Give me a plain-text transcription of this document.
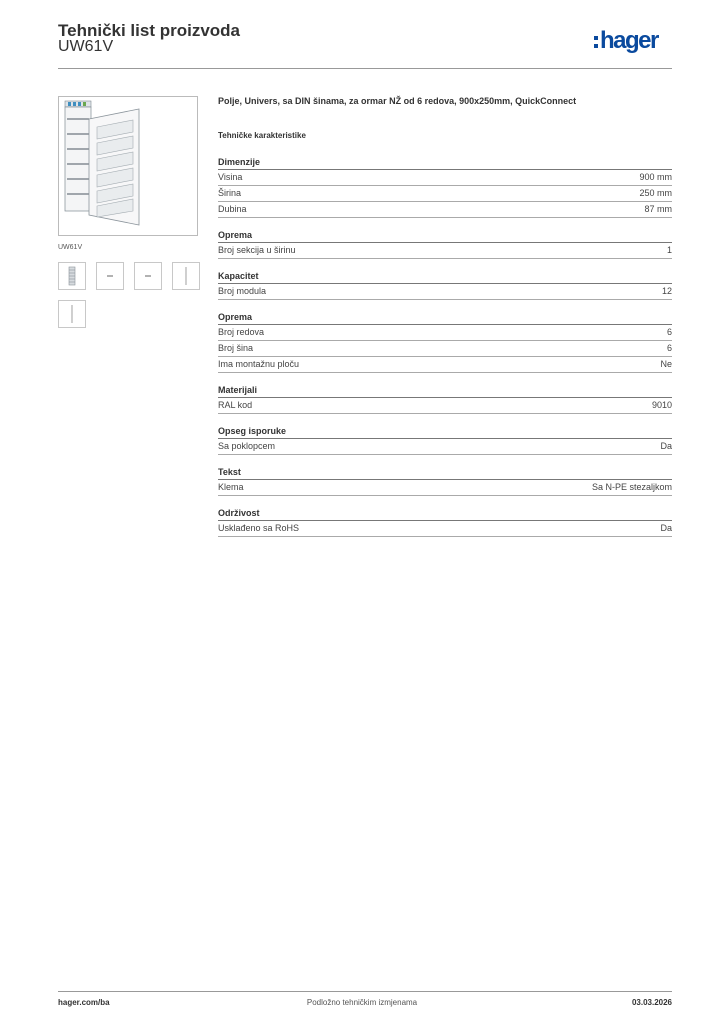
Tehnički list proizvoda
UW61V	hager
UW61V
Polje, Univers, sa DIN šinama, za ormar NŽ od 6 redova, 900x250mm, QuickConnect
Tehničke karakteristike
Dimenzije
Visina	900 mm
Širina	250 mm
Dubina	87 mm
Oprema
Broj sekcija u širinu	1
Kapacitet
Broj modula	12
Oprema
Broj redova	6
Broj šina	6
Ima montažnu ploču	Ne
Materijali
RAL kod	9010
Opseg isporuke
Sa poklopcem	Da
Tekst
Klema	Sa N-PE stezaljkom
Održivost
Usklađeno sa RoHS	Da
hager.com/ba	Podložno tehničkim izmjenama	03.03.2026
